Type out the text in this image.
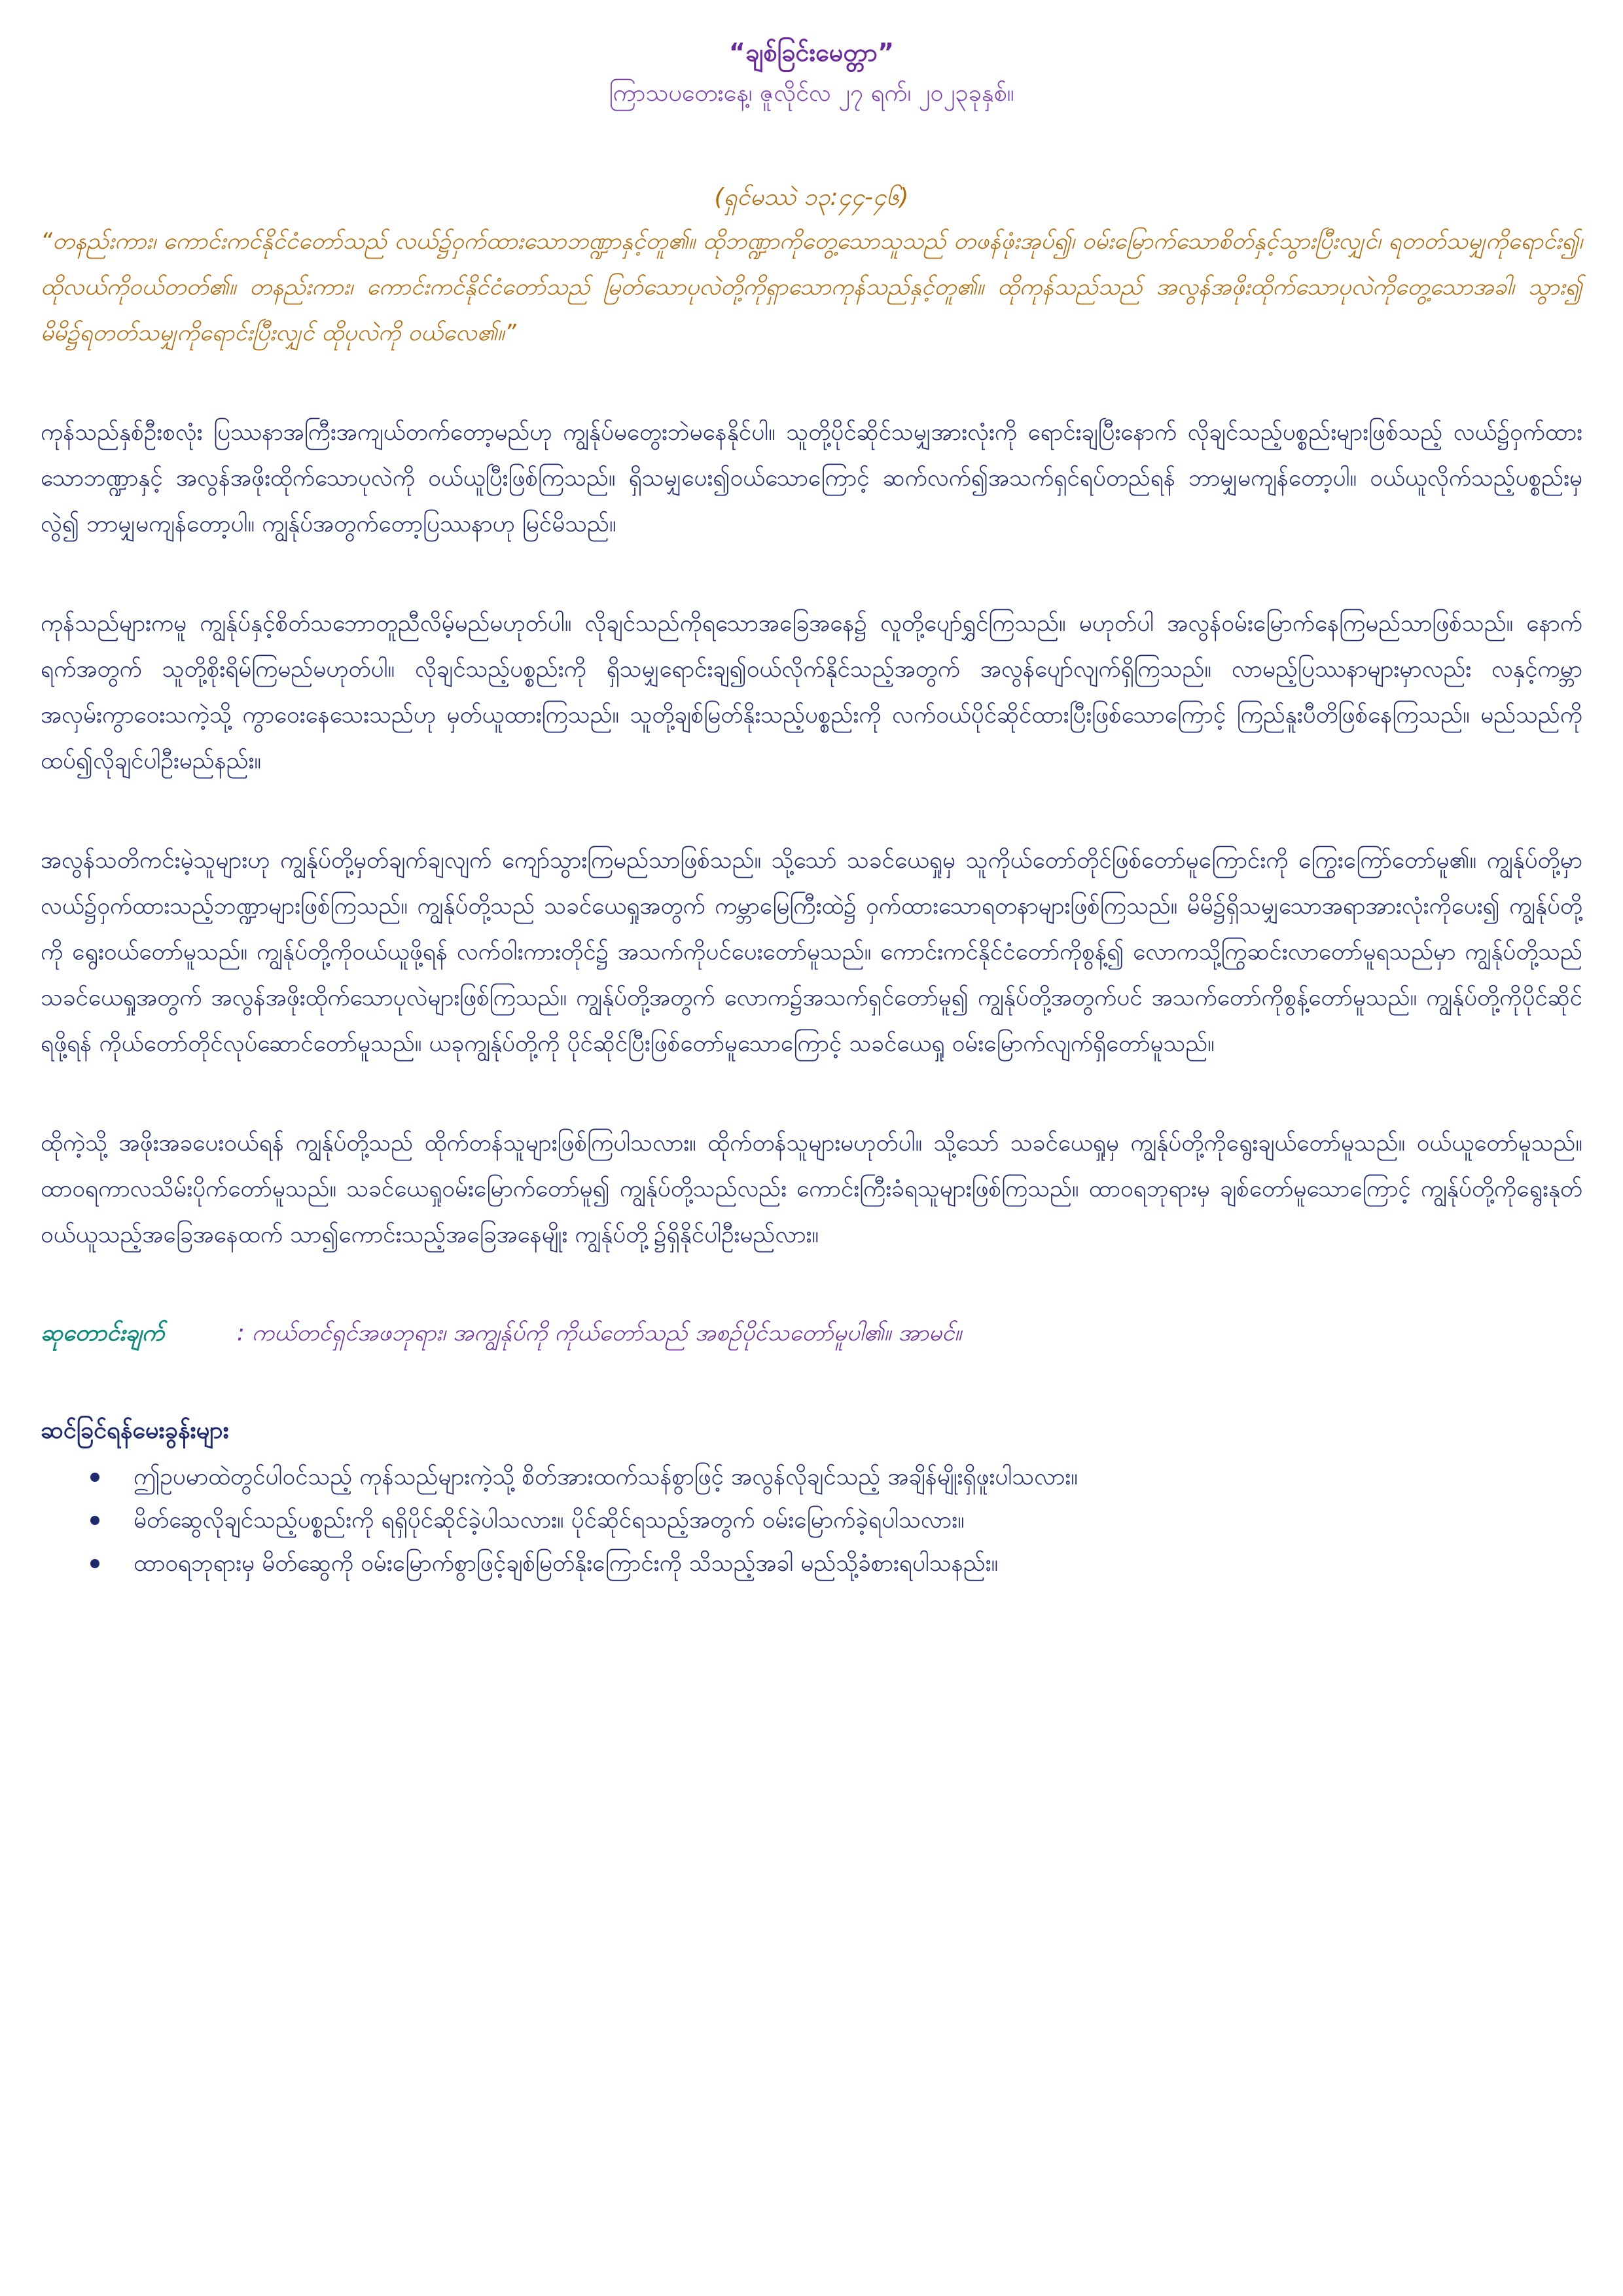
“ချစ်ခြင်းမေတ္တာ”

ကြာသပတေးနေ့၊ ဇူလိုင်လ ၂၇ ရက်၊ ၂၀၂၃ခုနှစ်။

(ရှင်မဿဲ ၁၃:၄၄-၄၆)

“တနည်းကား၊ ကောင်းကင်နိုင်ငံတော်သည် လယ်၌ဝှက်ထားသောဘဏ္ဍာနှင့်တူ၏။ ထိုဘဏ္ဍာကိုတွေ့သောသူသည် တဖန်ဖုံးအုပ်၍၊ ဝမ်းမြောက်သောစိတ်နှင့်သွားပြီးလျှင်၊ ရတတ်သမျှကိုရောင်း၍၊ ထိုလယ်ကိုဝယ်တတ်၏။ တနည်းကား၊ ကောင်းကင်နိုင်ငံတော်သည် မြတ်သောပုလဲတို့ကိုရှာသောကုန်သည်နှင့်တူ၏။ ထိုကုန်သည်သည် အလွန်အဖိုးထိုက်သောပုလဲကိုတွေ့သောအခါ၊ သွား၍ မိမိ၌ရတတ်သမျှကိုရောင်းပြီးလျှင် ထိုပုလဲကို ဝယ်လေ၏။”

ကုန်သည်နှစ်ဦးစလုံး ပြဿနာအကြီးအကျယ်တက်တော့မည်ဟု ကျွန်ုပ်မတွေးဘဲမနေနိုင်ပါ။ သူတို့ပိုင်ဆိုင်သမျှအားလုံးကို ရောင်းချပြီးနောက် လိုချင်သည့်ပစ္စည်းများဖြစ်သည့် လယ်၌ဝှက်ထားသောဘဏ္ဍာနှင့် အလွန်အဖိုးထိုက်သောပုလဲကို ဝယ်ယူပြီးဖြစ်ကြသည်။ ရှိသမျှပေး၍ဝယ်သောကြောင့် ဆက်လက်၍အသက်ရှင်ရပ်တည်ရန် ဘာမျှမကျန်တော့ပါ။ ဝယ်ယူလိုက်သည့်ပစ္စည်းမှလွဲ၍ ဘာမျှမကျန်တော့ပါ။ ကျွန်ုပ်အတွက်တော့ပြဿနာဟု မြင်မိသည်။

ကုန်သည်များကမူ ကျွန်ုပ်နှင့်စိတ်သဘောတူညီလိမ့်မည်မဟုတ်ပါ။ လိုချင်သည်ကိုရသောအခြေအနေ၌ လူတို့ပျော်ရွှင်ကြသည်။ မဟုတ်ပါ အလွန်ဝမ်းမြောက်နေကြမည်သာဖြစ်သည်။ နောက်ရက်အတွက် သူတို့စိုးရိမ်ကြမည်မဟုတ်ပါ။ လိုချင်သည့်ပစ္စည်းကို ရှိသမျှရောင်းချ၍ဝယ်လိုက်နိုင်သည့်အတွက် အလွန်ပျော်လျက်ရှိကြသည်။ လာမည့်ပြဿနာများမှာလည်း လနှင့်ကမ္ဘာအလှမ်းကွာဝေးသကဲ့သို့ ကွာဝေးနေသေးသည်ဟု မှတ်ယူထားကြသည်။ သူတို့ချစ်မြတ်နိုးသည့်ပစ္စည်းကို လက်ဝယ်ပိုင်ဆိုင်ထားပြီးဖြစ်သောကြောင့် ကြည်နူးပီတိဖြစ်နေကြသည်။ မည်သည်ကို ထပ်၍လိုချင်ပါဦးမည်နည်း။

အလွန်သတိကင်းမဲ့သူများဟု ကျွန်ုပ်တို့မှတ်ချက်ချလျက် ကျော်သွားကြမည်သာဖြစ်သည်။ သို့သော် သခင်ယေရှုမှ သူကိုယ်တော်တိုင်ဖြစ်တော်မူကြောင်းကို ကြွေးကြော်တော်မူ၏။ ကျွန်ုပ်တို့မှာ လယ်၌ဝှက်ထားသည့်ဘဏ္ဍာများဖြစ်ကြသည်။ ကျွန်ုပ်တို့သည် သခင်ယေရှုအတွက် ကမ္ဘာမြေကြီးထဲ၌ ဝှက်ထားသောရတနာများဖြစ်ကြသည်။ မိမိ၌ရှိသမျှသောအရာအားလုံးကိုပေး၍ ကျွန်ုပ်တို့ကို ရွေးဝယ်တော်မူသည်။ ကျွန်ုပ်တို့ကိုဝယ်ယူဖို့ရန် လက်ဝါးကားတိုင်၌ အသက်ကိုပင်ပေးတော်မူသည်။ ကောင်းကင်နိုင်ငံတော်ကိုစွန့်၍ လောကသို့ကြွဆင်းလာတော်မူရသည်မှာ ကျွန်ုပ်တို့သည် သခင်ယေရှုအတွက် အလွန်အဖိုးထိုက်သောပုလဲများဖြစ်ကြသည်။ ကျွန်ုပ်တို့အတွက် လောက၌အသက်ရှင်တော်မူ၍ ကျွန်ုပ်တို့အတွက်ပင် အသက်တော်ကိုစွန့်တော်မူသည်။ ကျွန်ုပ်တို့ကိုပိုင်ဆိုင်ရဖို့ရန် ကိုယ်တော်တိုင်လုပ်ဆောင်တော်မူသည်။ ယခုကျွန်ုပ်တို့ကို ပိုင်ဆိုင်ပြီးဖြစ်တော်မူသောကြောင့် သခင်ယေရှု ဝမ်းမြောက်လျက်ရှိတော်မူသည်။

ထိုကဲ့သို့ အဖိုးအခပေးဝယ်ရန် ကျွန်ုပ်တို့သည် ထိုက်တန်သူများဖြစ်ကြပါသလား။ ထိုက်တန်သူများမဟုတ်ပါ။ သို့သော် သခင်ယေရှုမှ ကျွန်ုပ်တို့ကိုရွေးချယ်တော်မူသည်။ ဝယ်ယူတော်မူသည်။ ထာဝရကာလသိမ်းပိုက်တော်မူသည်။ သခင်ယေရှုဝမ်းမြောက်တော်မူ၍ ကျွန်ုပ်တို့သည်လည်း ကောင်းကြီးခံရသူများဖြစ်ကြသည်။ ထာဝရဘုရားမှ ချစ်တော်မူသောကြောင့် ကျွန်ုပ်တို့ကိုရွေးနုတ်ဝယ်ယူသည့်အခြေအနေထက် သာ၍ကောင်းသည့်အခြေအနေမျိုး ကျွန်ုပ်တို့၌ရှိနိုင်ပါဦးမည်လား။

ဆုတောင်းချက်	: ကယ်တင်ရှင်အဖဘုရား၊ အကျွန်ုပ်ကို ကိုယ်တော်သည် အစဉ်ပိုင်သတော်မူပါ၏။ အာမင်။

ဆင်ခြင်ရန်မေးခွန်းများ

ဤဥပမာထဲတွင်ပါဝင်သည့် ကုန်သည်များကဲ့သို့ စိတ်အားထက်သန်စွာဖြင့် အလွန်လိုချင်သည့် အချိန်မျိုးရှိဖူးပါသလား။
မိတ်ဆွေလိုချင်သည့်ပစ္စည်းကို ရရှိပိုင်ဆိုင်ခဲ့ပါသလား။ ပိုင်ဆိုင်ရသည့်အတွက် ဝမ်းမြောက်ခဲ့ရပါသလား။
ထာဝရဘုရားမှ မိတ်ဆွေကို ဝမ်းမြောက်စွာဖြင့်ချစ်မြတ်နိုးကြောင်းကို သိသည့်အခါ မည်သို့ခံစားရပါသနည်း။
